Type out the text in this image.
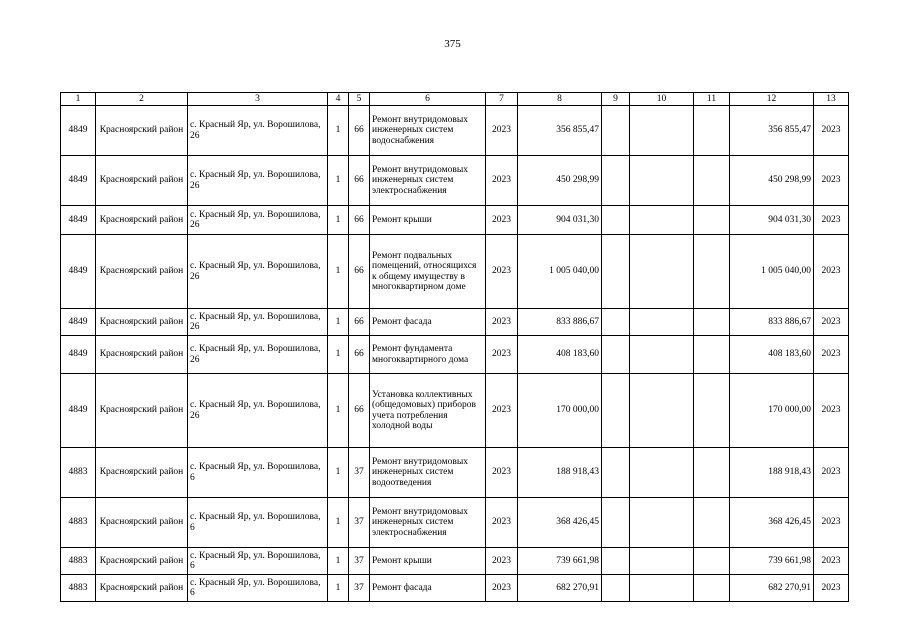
375
1	2	3	4	5	6	7	8	9	10	11	12	13
4849	Красноярский район	с. Красный Яр, ул. Ворошилова, 26	1	66	Ремонт внутридомовых инженерных систем водоснабжения	2023	356 855,47				356 855,47	2023
4849	Красноярский район	с. Красный Яр, ул. Ворошилова, 26	1	66	Ремонт внутридомовых инженерных систем электроснабжения	2023	450 298,99				450 298,99	2023
4849	Красноярский район	с. Красный Яр, ул. Ворошилова, 26	1	66	Ремонт крыши	2023	904 031,30				904 031,30	2023
4849	Красноярский район	с. Красный Яр, ул. Ворошилова, 26	1	66	Ремонт подвальных помещений, относящихся к общему имуществу в многоквартирном доме	2023	1 005 040,00				1 005 040,00	2023
4849	Красноярский район	с. Красный Яр, ул. Ворошилова, 26	1	66	Ремонт фасада	2023	833 886,67				833 886,67	2023
4849	Красноярский район	с. Красный Яр, ул. Ворошилова, 26	1	66	Ремонт фундамента многоквартирного дома	2023	408 183,60				408 183,60	2023
4849	Красноярский район	с. Красный Яр, ул. Ворошилова, 26	1	66	Установка коллективных (общедомовых) приборов учета потребления холодной воды	2023	170 000,00				170 000,00	2023
4883	Красноярский район	с. Красный Яр, ул. Ворошилова, 6	1	37	Ремонт внутридомовых инженерных систем водоотведения	2023	188 918,43				188 918,43	2023
4883	Красноярский район	с. Красный Яр, ул. Ворошилова, 6	1	37	Ремонт внутридомовых инженерных систем электроснабжения	2023	368 426,45				368 426,45	2023
4883	Красноярский район	с. Красный Яр, ул. Ворошилова, 6	1	37	Ремонт крыши	2023	739 661,98				739 661,98	2023
4883	Красноярский район	с. Красный Яр, ул. Ворошилова, 6	1	37	Ремонт фасада	2023	682 270,91				682 270,91	2023
